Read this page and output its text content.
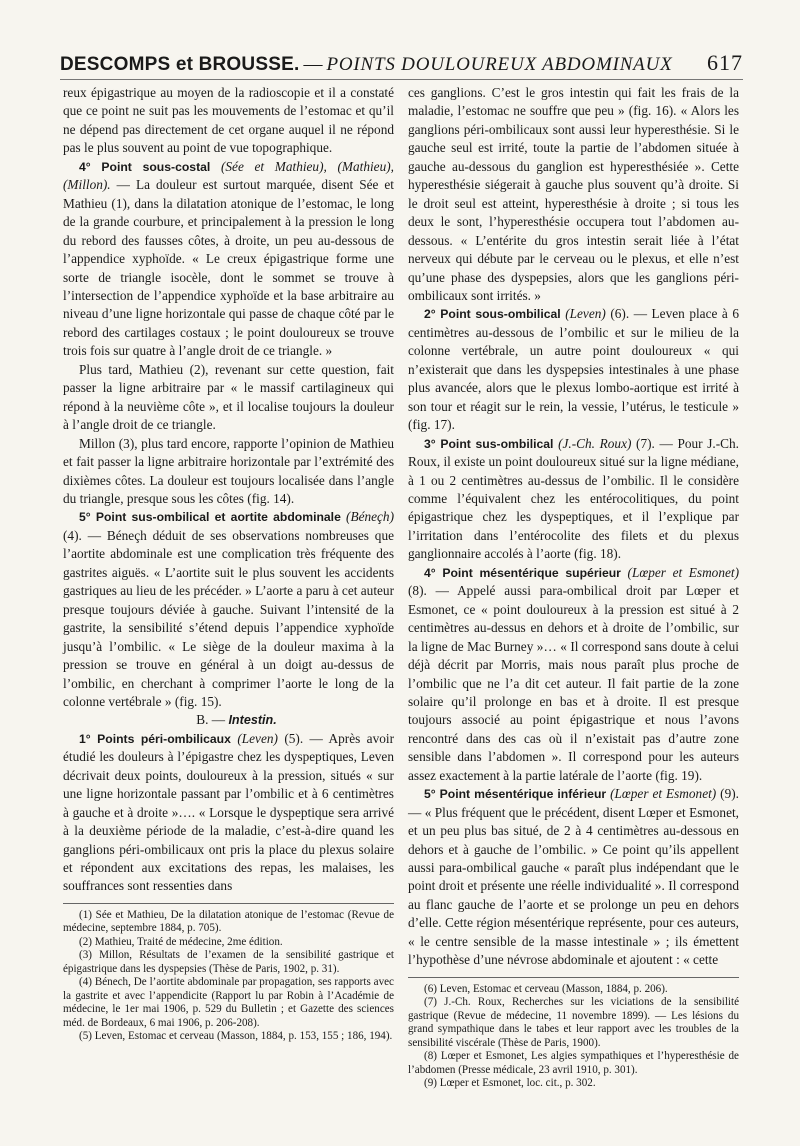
DESCOMPS et BROUSSE. — POINTS DOULOUREUX ABDOMINAUX 617

reux épigastrique au moyen de la radioscopie et il a constaté que ce point ne suit pas les mouvements de l’estomac et qu’il ne dépend pas directement de cet organe auquel il ne répond pas le plus souvent au point de vue topographique.

4° Point sous-costal (Sée et Mathieu), (Mathieu), (Millon). — La douleur est surtout marquée, disent Sée et Mathieu (1), dans la dilatation atonique de l’estomac, le long de la grande courbure, et principalement à la pression le long du rebord des fausses côtes, à droite, un peu au-dessous de l’appendice xyphoïde. « Le creux épigastrique forme une sorte de triangle isocèle, dont le sommet se trouve à l’intersection de l’appendice xyphoïde et la base arbitraire au niveau d’une ligne horizontale qui passe de chaque côté par le rebord des cartilages costaux ; le point douloureux se trouve trois fois sur quatre à l’angle droit de ce triangle. »

Plus tard, Mathieu (2), revenant sur cette question, fait passer la ligne arbitraire par « le massif cartilagineux qui répond à la neuvième côte », et il localise toujours la douleur à l’angle droit de ce triangle.

Millon (3), plus tard encore, rapporte l’opinion de Mathieu et fait passer la ligne arbitraire horizontale par l’extrémité des dixièmes côtes. La douleur est toujours localisée dans l’angle du triangle, presque sous les côtes (fig. 14).

5° Point sus-ombilical et aortite abdominale (Béneçh) (4). — Béneçh déduit de ses observations nombreuses que l’aortite abdominale est une complication très fréquente des gastrites aiguës. « L’aortite suit le plus souvent les accidents gastriques au lieu de les précéder. » L’aorte a paru à cet auteur presque toujours déviée à gauche. Suivant l’intensité de la gastrite, la sensibilité s’étend depuis l’appendice xyphoïde jusqu’à l’ombilic. « Le siège de la douleur maxima à la pression se trouve en général à un doigt au-dessus de l’ombilic, en cherchant à comprimer l’aorte le long de la colonne vertébrale » (fig. 15).

B. — Intestin.

1° Points péri-ombilicaux (Leven) (5). — Après avoir étudié les douleurs à l’épigastre chez les dyspeptiques, Leven décrivait deux points, douloureux à la pression, situés « sur une ligne horizontale passant par l’ombilic et à 6 centimètres à gauche et à droite »…. « Lorsque le dyspeptique sera arrivé à la deuxième période de la maladie, c’est-à-dire quand les ganglions péri-ombilicaux ont pris la place du plexus solaire et répondent aux excitations des repas, les malaises, les souffrances sont ressenties dans

(1) Sée et Mathieu, De la dilatation atonique de l’estomac (Revue de médecine, septembre 1884, p. 705).

(2) Mathieu, Traité de médecine, 2me édition.

(3) Millon, Résultats de l’examen de la sensibilité gastrique et épigastrique dans les dyspepsies (Thèse de Paris, 1902, p. 31).

(4) Bénech, De l’aortite abdominale par propagation, ses rapports avec la gastrite et avec l’appendicite (Rapport lu par Robin à l’Académie de médecine, le 1er mai 1906, p. 529 du Bulletin ; et Gazette des sciences méd. de Bordeaux, 6 mai 1906, p. 206-208).

(5) Leven, Estomac et cerveau (Masson, 1884, p. 153, 155 ; 186, 194).

ces ganglions. C’est le gros intestin qui fait les frais de la maladie, l’estomac ne souffre que peu » (fig. 16). « Alors les ganglions péri-ombilicaux sont aussi leur hyperesthésie. Si le gauche seul est irrité, toute la partie de l’abdomen située à gauche au-dessous du ganglion est hyperesthésiée ». Cette hyperesthésie siégerait à gauche plus souvent qu’à droite. Si le droit seul est atteint, hyperesthésie à droite ; si tous les deux le sont, l’hyperesthésie occupera tout l’abdomen au-dessous. « L’entérite du gros intestin serait liée à l’état nerveux qui débute par le cerveau ou le plexus, et elle n’est qu’une phase des dyspepsies, alors que les ganglions péri-ombilicaux sont irrités. »

2° Point sous-ombilical (Leven) (6). — Leven place à 6 centimètres au-dessous de l’ombilic et sur le milieu de la colonne vertébrale, un autre point douloureux « qui n’existerait que dans les dyspepsies intestinales à une phase plus avancée, alors que le plexus lombo-aortique est irrité à son tour et réagit sur le rein, la vessie, l’utérus, le testicule » (fig. 17).

3° Point sus-ombilical (J.-Ch. Roux) (7). — Pour J.-Ch. Roux, il existe un point douloureux situé sur la ligne médiane, à 1 ou 2 centimètres au-dessus de l’ombilic. Il le considère comme l’équivalent chez les entérocolitiques, du point épigastrique chez les dyspeptiques, et il l’explique par l’irritation dans l’entérocolite des filets et du plexus ganglionnaire accolés à l’aorte (fig. 18).

4° Point mésentérique supérieur (Lœper et Esmonet) (8). — Appelé aussi para-ombilical droit par Lœper et Esmonet, ce « point douloureux à la pression est situé à 2 centimètres au-dessus en dehors et à droite de l’ombilic, sur la ligne de Mac Burney »… « Il correspond sans doute à celui déjà décrit par Morris, mais nous paraît plus proche de l’ombilic que ne l’a dit cet auteur. Il fait partie de la zone solaire qu’il prolonge en bas et à droite. Il est presque toujours associé au point épigastrique et nous l’avons rencontré dans des cas où il n’existait pas d’autre zone sensible dans l’abdomen ». Il correspond pour les auteurs assez exactement à la partie latérale de l’aorte (fig. 19).

5° Point mésentérique inférieur (Lœper et Esmonet) (9). — « Plus fréquent que le précédent, disent Lœper et Esmonet, et un peu plus bas situé, de 2 à 4 centimètres au-dessous en dehors et à gauche de l’ombilic. » Ce point qu’ils appellent aussi para-ombilical gauche « paraît plus indépendant que le point droit et présente une réelle individualité ». Il correspond au flanc gauche de l’aorte et se prolonge un peu en dehors d’elle. Cette région mésentérique représente, pour ces auteurs, « le centre sensible de la masse intestinale » ; ils émettent l’hypothèse d’une névrose abdominale et ajoutent : « cette

(6) Leven, Estomac et cerveau (Masson, 1884, p. 206).

(7) J.-Ch. Roux, Recherches sur les viciations de la sensibilité gastrique (Revue de médecine, 11 novembre 1899). — Les lésions du grand sympathique dans le tabes et leur rapport avec les troubles de la sensibilité viscérale (Thèse de Paris, 1900).

(8) Lœper et Esmonet, Les algies sympathiques et l’hyperesthésie de l’abdomen (Presse médicale, 23 avril 1910, p. 301).

(9) Lœper et Esmonet, loc. cit., p. 302.
